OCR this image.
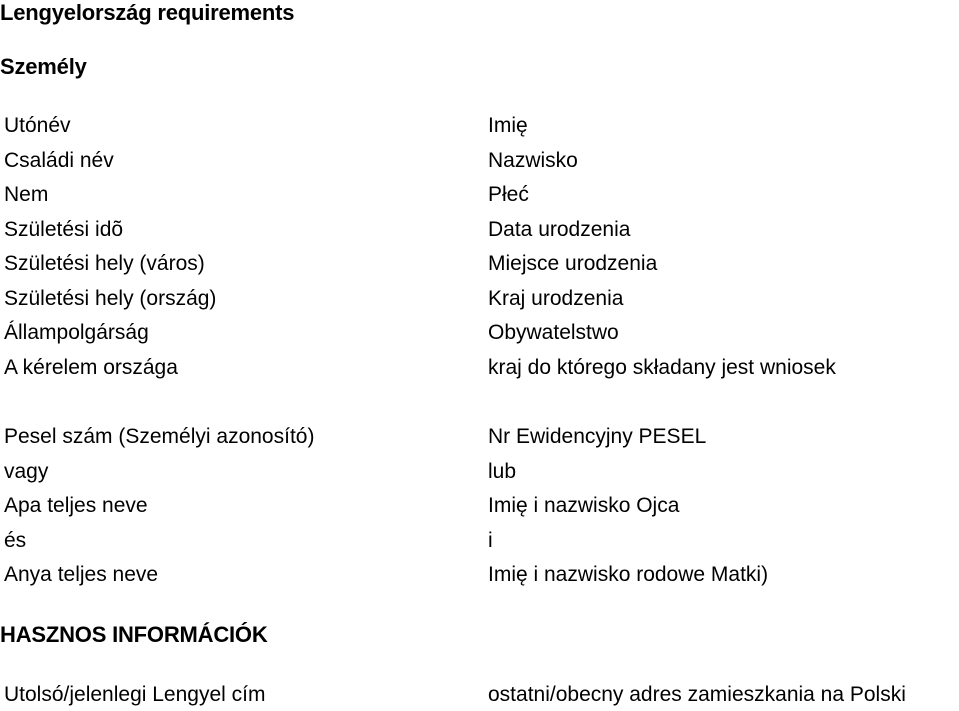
Lengyelország requirements
Személy
Utónév	Imię
Családi név	Nazwisko
Nem	Płeć
Születési idõ	Data urodzenia
Születési hely (város)	Miejsce urodzenia
Születési hely (ország)	Kraj urodzenia
Állampolgárság	Obywatelstwo
A kérelem országa	kraj do którego składany jest wniosek
Pesel szám (Személyi azonosító)	Nr Ewidencyjny PESEL
vagy	lub
Apa teljes neve	Imię i nazwisko Ojca
és	i
Anya teljes neve	Imię i nazwisko rodowe Matki)
HASZNOS INFORMÁCIÓK
Utolsó/jelenlegi Lengyel cím	ostatni/obecny adres zamieszkania na Polski
